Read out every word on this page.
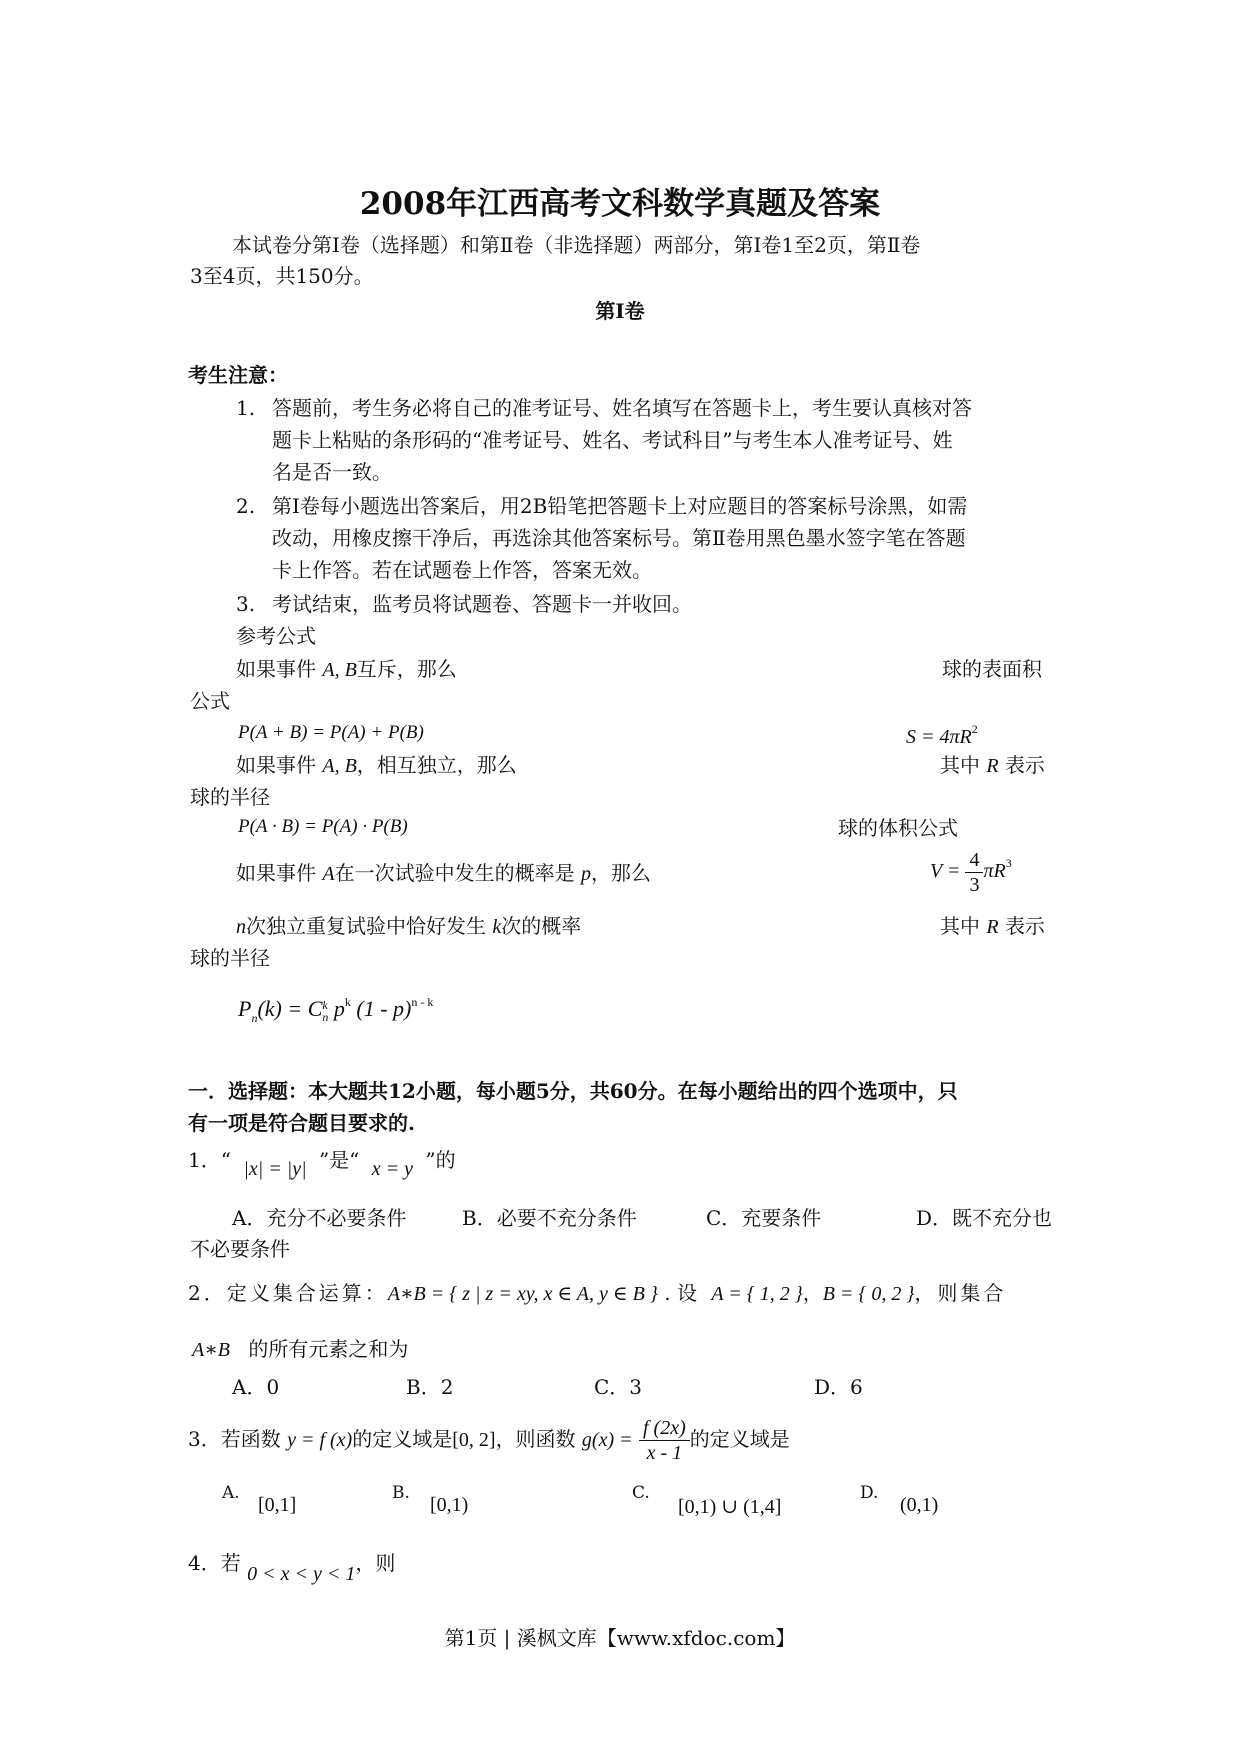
2008年江西高考文科数学真题及答案
本试卷分第Ⅰ卷（选择题）和第Ⅱ卷（非选择题）两部分，第Ⅰ卷1至2页，第Ⅱ卷
3至4页，共150分。
第Ⅰ卷
考生注意：
1. 答题前，考生务必将自己的准考证号、姓名填写在答题卡上，考生要认真核对答
题卡上粘贴的条形码的“准考证号、姓名、考试科目”与考生本人准考证号、姓
名是否一致。
2. 第Ⅰ卷每小题选出答案后，用2B铅笔把答题卡上对应题目的答案标号涂黑，如需
改动，用橡皮擦干净后，再选涂其他答案标号。第Ⅱ卷用黑色墨水签字笔在答题
卡上作答。若在试题卷上作答，答案无效。
3. 考试结束，监考员将试题卷、答题卡一并收回。
参考公式
如果事件 A, B互斥，那么	球的表面积
公式
P(A + B) = P(A) + P(B)	$S = 4\pi R^2$
如果事件 A, B，相互独立，那么	其中 R 表示
球的半径
P(A · B) = P(A) · P(B)	球的体积公式
如果事件 A在一次试验中发生的概率是 p，那么	$V = \frac{4}{3} \pi R^3$
n次独立重复试验中恰好发生 k次的概率	其中 R 表示
球的半径
$P_n(k) = C$ k
n $p^k$ (1 - p)$^{n - k}$
一．选择题：本大题共12小题，每小题5分，共60分。在每小题给出的四个选项中，只
有一项是符合题目要求的.
1．“ |x| = |y| ”是“ x = y ”的
A．充分不必要条件	B．必要不充分条件	C．充要条件	D．既不充分也
不必要条件
2．定义集合运算：A∗B = { z | z = xy, x ∈ A, y ∈ B } . 设 A = { 1, 2 }，B = { 0, 2 }，则集合
A∗B 的所有元素之和为
A．0	B．2	C．3	D．6
3．若函数 y = f (x)的定义域是[0, 2]，则函数 $g(x) = \frac{f (2x)}{x - 1}$ 的定义域是
A.
[0,1]
B.
[0,1)
C.
[0,1) ∪ (1,4]
D.
(0,1)
4．若 0 < x < y < 1，则
第1页 | 溪枫文库【www.xfdoc.com】
